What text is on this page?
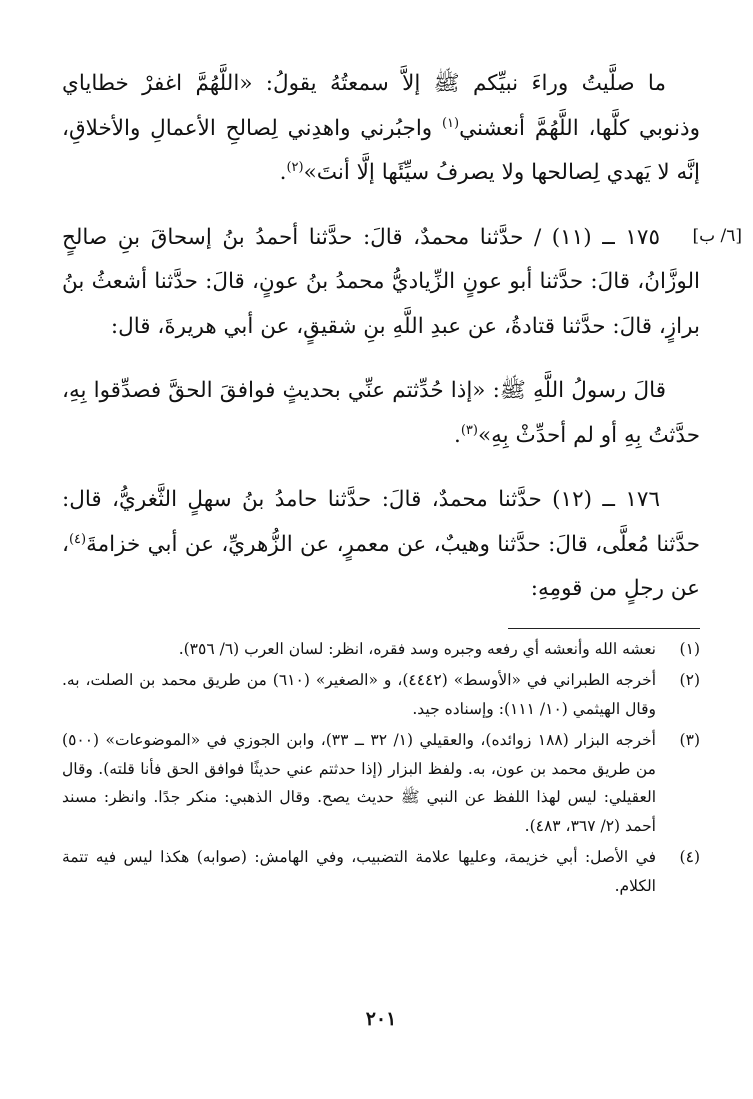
ما صلَّيتُ وراءَ نبيِّكم ﷺ إلاَّ سمعتُهُ يقولُ: «اللَّهُمَّ اغفرْ خطاياي وذنوبي كلَّها، اللَّهُمَّ أنعشني$^{(١)}$ واجبُرني واهدِني لِصالحِ الأعمالِ والأخلاقِ، إنَّه لا يَهدي لِصالحها ولا يصرفُ سيِّئَها إلَّا أنتَ»$^{(٢)}$.

[٦/ ب]

١٧٥ ــ (١١) / حدَّثنا محمدٌ، قالَ: حدَّثنا أحمدُ بنُ إسحاقَ بنِ صالحٍ الوزَّانُ، قالَ: حدَّثنا أبو عونٍ الزِّياديُّ محمدُ بنُ عونٍ، قالَ: حدَّثنا أشعثُ بنُ برازٍ، قالَ: حدَّثنا قتادةُ، عن عبدِ اللَّهِ بنِ شقيقٍ، عن أبي هريرةَ، قال:

قالَ رسولُ اللَّهِ ﷺ: «إذا حُدِّثتم عنِّي بحديثٍ فوافقَ الحقَّ فصدِّقوا بِهِ، حدَّثتُ بِهِ أو لم أحدِّثْ بِهِ»$^{(٣)}$.

١٧٦ ــ (١٢) حدَّثنا محمدٌ، قالَ: حدَّثنا حامدُ بنُ سهلٍ الثَّغريُّ، قال: حدَّثنا مُعلَّى، قالَ: حدَّثنا وهيبٌ، عن معمرٍ، عن الزُّهريِّ، عن أبي خزامةَ$^{(٤)}$، عن رجلٍ من قومِهِ:

(١)
نعشه الله وأنعشه أي رفعه وجبره وسد فقره، انظر: لسان العرب (٦/ ٣٥٦).
(٢)
أخرجه الطبراني في «الأوسط» (٤٤٤٢)، و «الصغير» (٦١٠) من طريق محمد بن الصلت، به. وقال الهيثمي (١٠/ ١١١): وإسناده جيد.
(٣)
أخرجه البزار (١٨٨ زوائده)، والعقيلي (١/ ٣٢ ــ ٣٣)، وابن الجوزي في «الموضوعات» (٥٠٠) من طريق محمد بن عون، به. ولفظ البزار (إذا حدثتم عني حديثًا فوافق الحق فأنا قلته). وقال العقيلي: ليس لهذا اللفظ عن النبي ﷺ حديث يصح. وقال الذهبي: منكر جدًا. وانظر: مسند أحمد (٢/ ٣٦٧، ٤٨٣).
(٤)
في الأصل: أبي خزيمة، وعليها علامة التضبيب، وفي الهامش: (صوابه) هكذا ليس فيه تتمة الكلام.
٢٠١
